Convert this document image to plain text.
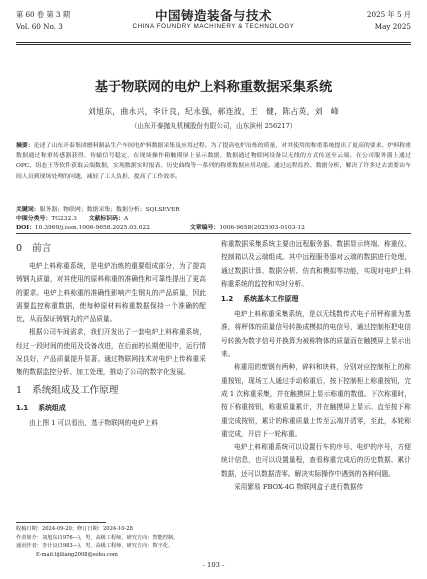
第 60 卷 第 3 期
Vol. 60 No. 3
中国铸造装备与技术
CHINA FOUNDRY MACHINERY & TECHNOLOGY
2025 年 5 月
May 2025
基于物联网的电炉上料称重数据采集系统
刘旭东，曲永兴，李计良，纪永强，郝连波，王　健，陈占英，刘　峰
（山东开泰抛丸机械股份有限公司，山东滨州 256217）
摘要：论述了山东开泰集团磨料制品生产车间电炉料数据采集及应用过程。为了提高电炉冶炼的质量，对其使用的称重系统提出了更高的要求。炉料称重数据通过称重传感器获得，传输信号稳定，在现场操作箱触摸屏上显示数据，数据通过物联网设备以无线的方式传送至云端。在公司服务器上通过 OPC、组态王等软件获取云端数据，实现数据实时报表、历史曲线等一系列的称重数据应用功能。通过远程监控、数据分析，解决了许多过去需要由车间人员到现场处理的问题，减轻了工人负担，提高了工作效率。
关键词：服务器；物联网；数据采集；数据分析；SQLSEVER
中图分类号：TG232.3　　 文献标识码：A
DOI：10.3969/j.issn.1006-9658.2025.03.022	文章编号：1006-9658(2025)03-0103-12
0 前言

电炉上料称重系统，是电炉冶炼的重要组成部分，为了提高铸钢丸质量，对其使用的原料称重的准确性和可靠性提出了更高的要求。电炉上料称重的准确性影响产生钢丸的产品质量，因此需要监控称重数据，使每种原材料称重数据保持一个准确的配比，从而保证铸钢丸的产品质量。

根据公司车间需求，我们开发出了一套电炉上料称重系统，经过一段时间的使用及设备改进，在后面的长期使用中，运行情况良好，产品质量提升显著。通过物联网技术对电炉上传称重采集的数据监控分析、加工处理，推动了公司的数字化发展。

1 系统组成及工作原理
1.1 系统组成

由上图 1 可以看出，基于物联网的电炉上料

称重数据采集系统主要由远程服务器、数据显示终端、称重仪、控制箱以及云端组成。其中远程服务器对云端的数据进行处理，通过数据计算、数据分析、仿真和模拟等功能，实现对电炉上料称重系统的监控和实时分析。

1.2 系统基本工作原理

电炉上料称重采集系统，是以无线数传式电子吊秤称重为基准，将秤体的质量信号转换成模拟的电信号，通过控制柜把电信号转换为数字信号并换算为被称物体的质量而在触摸屏上显示出来。

称重用的废钢有两种，碎料和块料，分别对应控制柜上的称重按钮，现场工人通过手动称重后，按下控制柜上称重按钮，完成 1 次称重采集，并在触摸屏上显示称重的数值。下次称重时，按下称重按钮，称重质量累计，并在触摸屏上显示。直至按下称重完成按钮，累计的称重质量上传至云端并清零，至此，本轮称重完成，开启下一轮称重。

电炉上料称重系统可以设置行车的序号、电炉的序号，方便统计信息，也可以设置量程，查看称重完成后的历史数据、累计数据，还可以数据清零。解决实际操作中遇到的各种问题。

采用繁易 FBOX-4G 物联网盒子进行数据传

收稿日期：2024-09-20；修订日期：2024-10-28
作者简介：刘旭东(1976—)，男，高级工程师，研究方向：智能控制。
通讯作者：李计良(1983—)，男，高级工程师，研究方向：数字化。
E-mail:lijiliang2008@sohu.com
- 103 -
